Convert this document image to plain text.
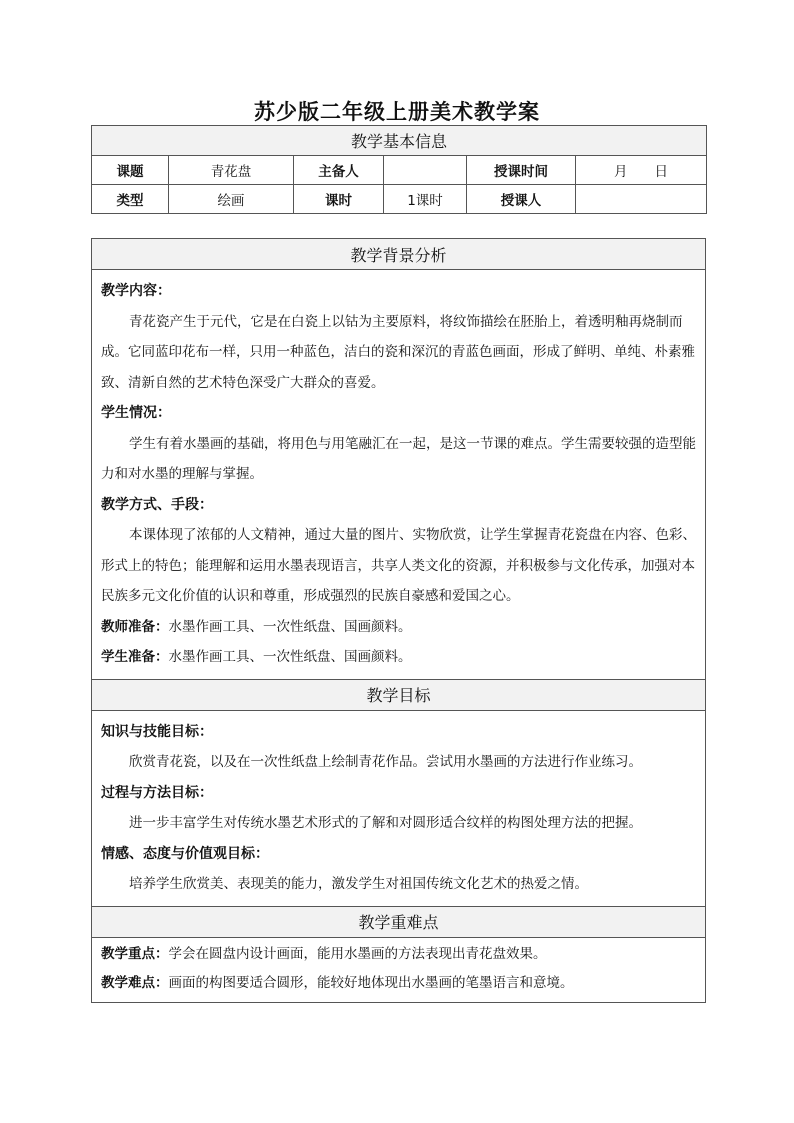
苏少版二年级上册美术教学案
教学基本信息					
课题	青花盘	主备人		授课时间	月　　日
类型	绘画	课时	1课时	授课人	
教学背景分析

教学内容：
青花瓷产生于元代，它是在白瓷上以钴为主要原料，将纹饰描绘在胚胎上，着透明釉再烧制而成。它同蓝印花布一样，只用一种蓝色，洁白的瓷和深沉的青蓝色画面，形成了鲜明、单纯、朴素雅致、清新自然的艺术特色深受广大群众的喜爱。
学生情况：
学生有着水墨画的基础，将用色与用笔融汇在一起，是这一节课的难点。学生需要较强的造型能力和对水墨的理解与掌握。
教学方式、手段：
本课体现了浓郁的人文精神，通过大量的图片、实物欣赏，让学生掌握青花瓷盘在内容、色彩、形式上的特色；能理解和运用水墨表现语言，共享人类文化的资源，并积极参与文化传承，加强对本民族多元文化价值的认识和尊重，形成强烈的民族自豪感和爱国之心。
教师准备：水墨作画工具、一次性纸盘、国画颜料。
学生准备：水墨作画工具、一次性纸盘、国画颜料。

教学目标

知识与技能目标：
欣赏青花瓷，以及在一次性纸盘上绘制青花作品。尝试用水墨画的方法进行作业练习。
过程与方法目标：
进一步丰富学生对传统水墨艺术形式的了解和对圆形适合纹样的构图处理方法的把握。
情感、态度与价值观目标：
培养学生欣赏美、表现美的能力，激发学生对祖国传统文化艺术的热爱之情。

教学重难点

教学重点：学会在圆盘内设计画面，能用水墨画的方法表现出青花盘效果。
教学难点：画面的构图要适合圆形，能较好地体现出水墨画的笔墨语言和意境。
